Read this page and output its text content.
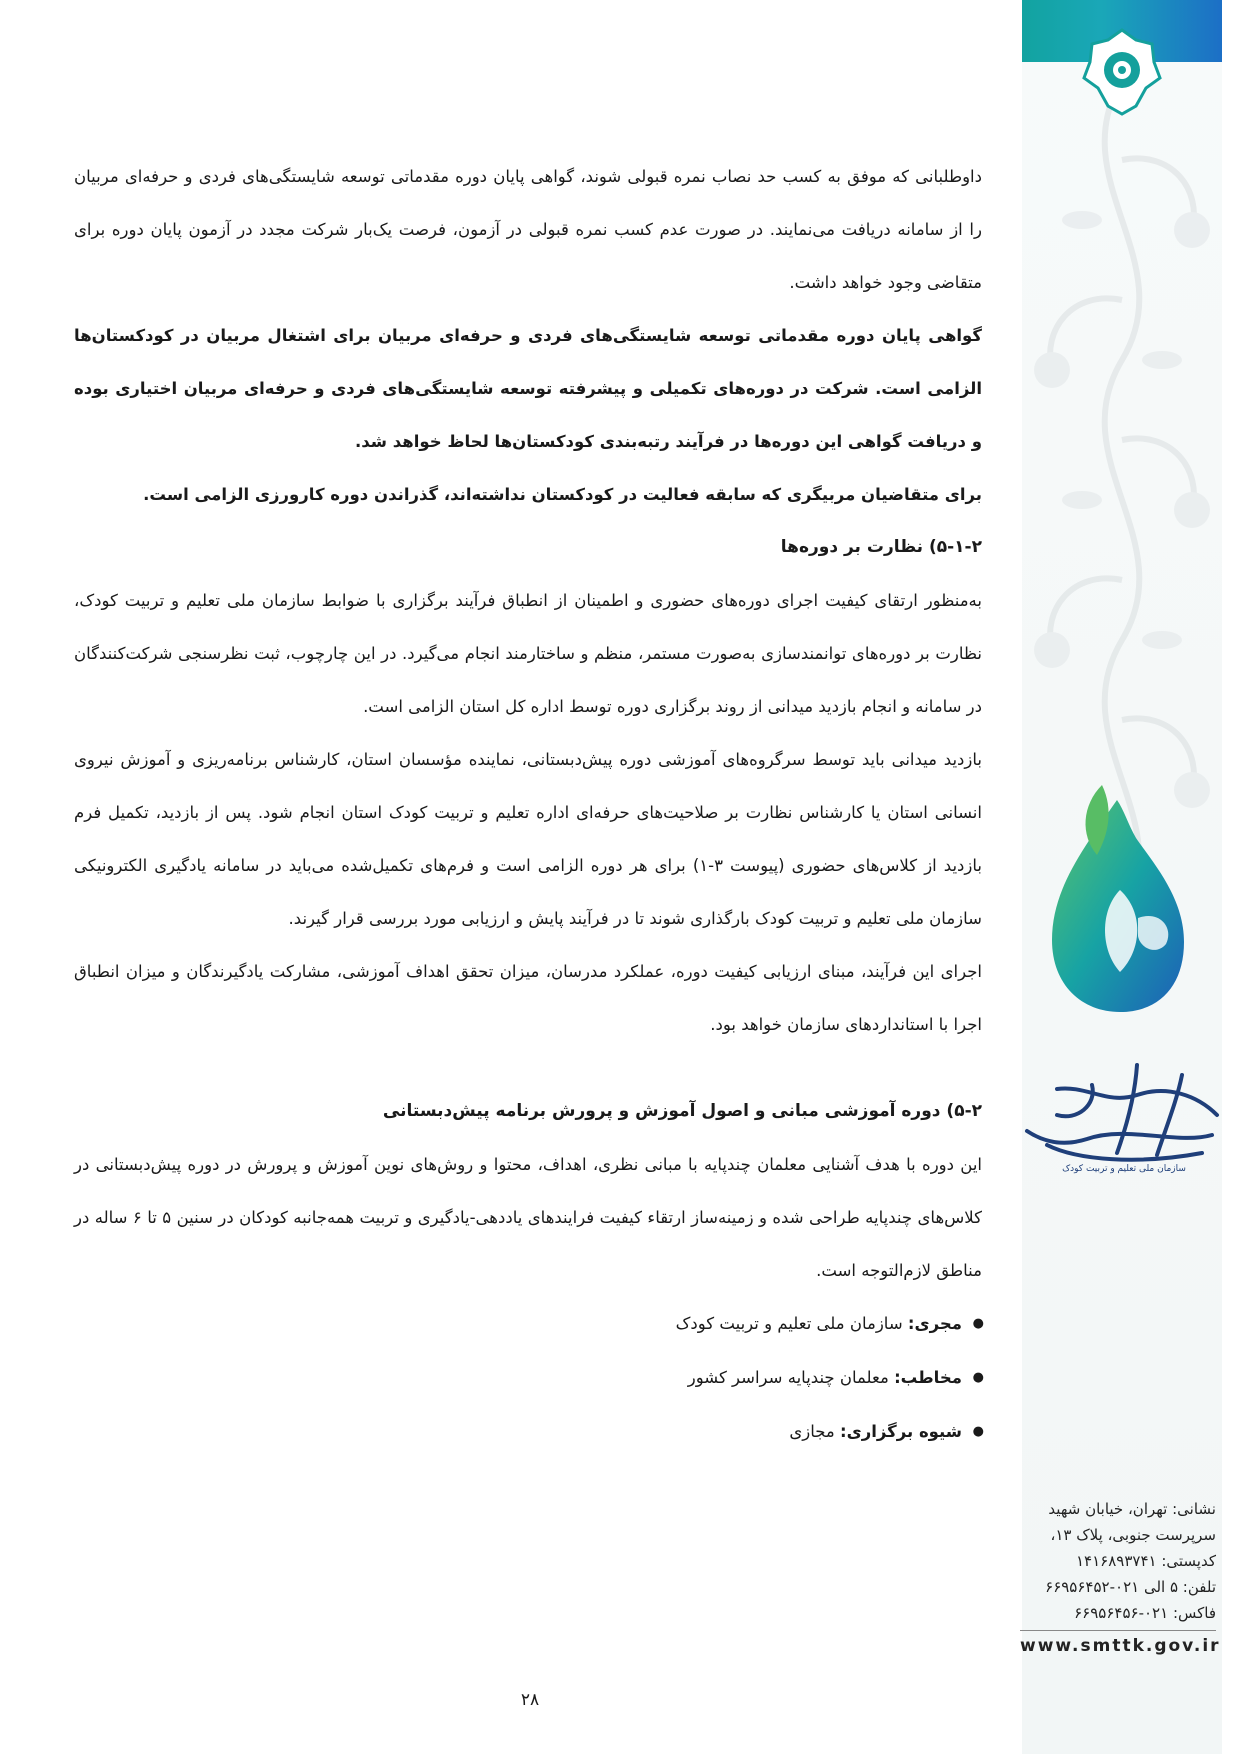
سازمان ملی تعلیم و تربیت کودک
نشانی: تهران، خیابان شهید
سرپرست جنوبی، پلاک ۱۳،
کدپستی: ۱۴۱۶۸۹۳۷۴۱
تلفن: ۵ الی ۰۲۱-۶۶۹۵۶۴۵۲
فاکس: ۰۲۱-۶۶۹۵۶۴۵۶
www.smttk.gov.ir

داوطلبانی که موفق به کسب حد نصاب نمره قبولی شوند، گواهی پایان دوره مقدماتی توسعه شایستگی‌های فردی و حرفه‌ای مربیان را از سامانه دریافت می‌نمایند. در صورت عدم کسب نمره قبولی در آزمون، فرصت یک‌بار شرکت مجدد در آزمون پایان دوره برای متقاضی وجود خواهد داشت.

گواهی پایان دوره مقدماتی توسعه شایستگی‌های فردی و حرفه‌ای مربیان برای اشتغال مربیان در کودکستان‌ها الزامی است. شرکت در دوره‌های تکمیلی و پیشرفته توسعه شایستگی‌های فردی و حرفه‌ای مربیان اختیاری بوده و دریافت گواهی این دوره‌ها در فرآیند رتبه‌بندی کودکستان‌ها لحاظ خواهد شد.

برای متقاضیان مربیگری که سابقه فعالیت در کودکستان نداشته‌اند، گذراندن دوره کارورزی الزامی است.

۵-۱-۲) نظارت بر دوره‌ها

به‌منظور ارتقای کیفیت اجرای دوره‌های حضوری و اطمینان از انطباق فرآیند برگزاری با ضوابط سازمان ملی تعلیم و تربیت کودک، نظارت بر دوره‌های توانمندسازی به‌صورت مستمر، منظم و ساختارمند انجام می‌گیرد. در این چارچوب، ثبت نظرسنجی شرکت‌کنندگان در سامانه و انجام بازدید میدانی از روند برگزاری دوره توسط اداره کل استان الزامی است.

بازدید میدانی باید توسط سرگروه‌های آموزشی دوره پیش‌دبستانی، نماینده مؤسسان استان، کارشناس برنامه‌ریزی و آموزش نیروی انسانی استان یا کارشناس نظارت بر صلاحیت‌های حرفه‌ای اداره تعلیم و تربیت کودک استان انجام شود. پس از بازدید، تکمیل فرم بازدید از کلاس‌های حضوری (پیوست ۳-۱) برای هر دوره الزامی است و فرم‌های تکمیل‌شده می‌باید در سامانه یادگیری الکترونیکی سازمان ملی تعلیم و تربیت کودک بارگذاری شوند تا در فرآیند پایش و ارزیابی مورد بررسی قرار گیرند.

اجرای این فرآیند، مبنای ارزیابی کیفیت دوره، عملکرد مدرسان، میزان تحقق اهداف آموزشی، مشارکت یادگیرندگان و میزان انطباق اجرا با استانداردهای سازمان خواهد بود.

۵-۲) دوره آموزشی مبانی و اصول آموزش و پرورش برنامه پیش‌دبستانی

این دوره با هدف آشنایی معلمان چندپایه با مبانی نظری، اهداف، محتوا و روش‌های نوین آموزش و پرورش در دوره پیش‌دبستانی در کلاس‌های چندپایه طراحی شده و زمینه‌ساز ارتقاء کیفیت فرایندهای یاددهی-یادگیری و تربیت همه‌جانبه کودکان در سنین ۵ تا ۶ ساله در مناطق لازم‌التوجه است.

● مجری: سازمان ملی تعلیم و تربیت کودک
● مخاطب: معلمان چندپایه سراسر کشور
● شیوه برگزاری: مجازی
۲۸
